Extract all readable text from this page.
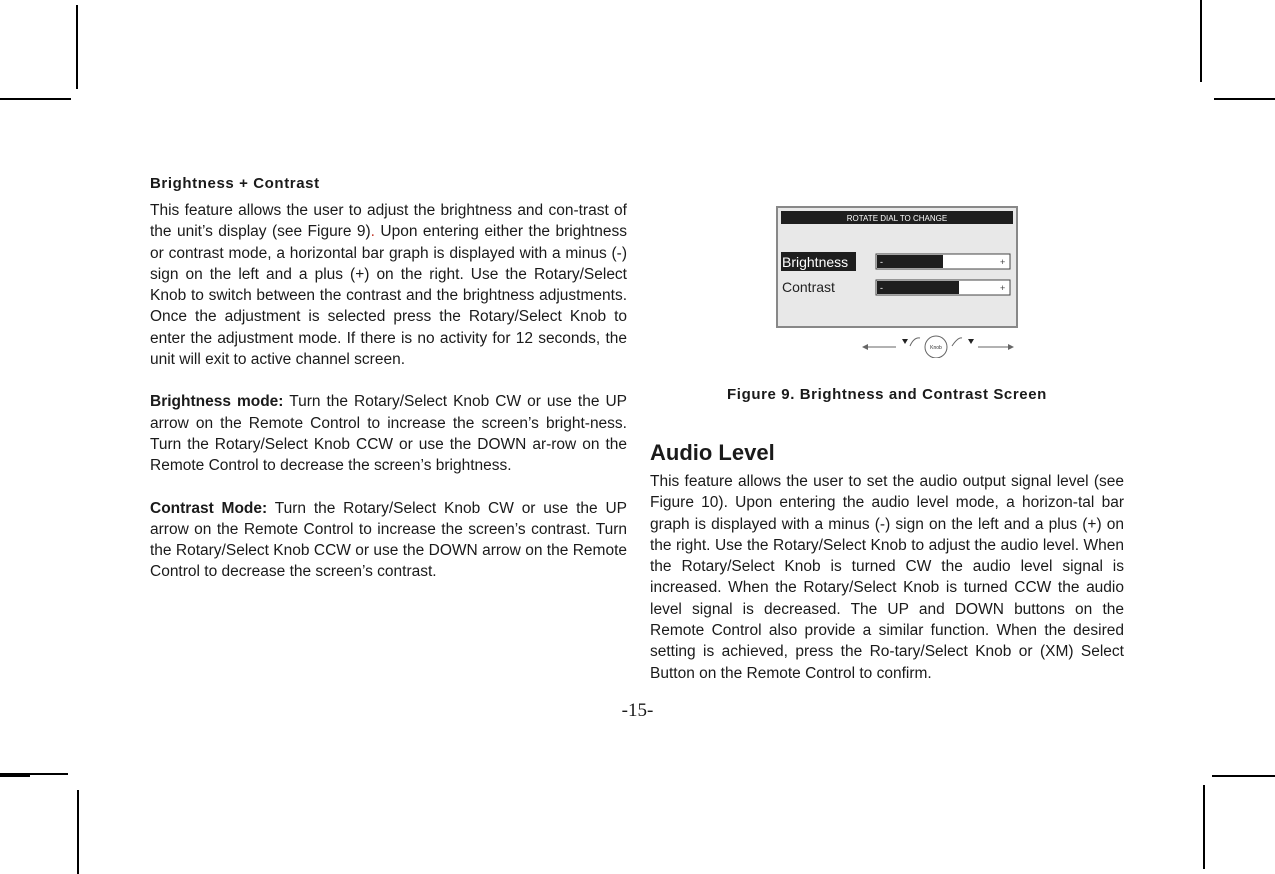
Brightness + Contrast

This feature allows the user to adjust the brightness and con-trast of the unit’s display (see Figure 9). Upon entering either the brightness or contrast mode, a horizontal bar graph is displayed with a minus (-) sign on the left and a plus (+) on the right. Use the Rotary/Select Knob to switch between the contrast and the brightness adjustments. Once the adjustment is selected press the Rotary/Select Knob to enter the adjustment mode. If there is no activity for 12 seconds, the unit will exit to active channel screen.

Brightness mode: Turn the Rotary/Select Knob CW or use the UP arrow on the Remote Control to increase the screen’s bright-ness. Turn the Rotary/Select Knob CCW or use the DOWN ar-row on the Remote Control to decrease the screen’s brightness.

Contrast Mode: Turn the Rotary/Select Knob CW or use the UP arrow on the Remote Control to increase the screen’s contrast. Turn the Rotary/Select Knob CCW or use the DOWN arrow on the Remote Control to decrease the screen’s contrast.

ROTATE DIAL TO CHANGE
Brightness	-	+
Contrast	-	+
Knob
Figure 9. Brightness and Contrast Screen

Audio Level

This feature allows the user to set the audio output signal level (see Figure 10). Upon entering the audio level mode, a horizon-tal bar graph is displayed with a minus (-) sign on the left and a plus (+) on the right. Use the Rotary/Select Knob to adjust the audio level. When the Rotary/Select Knob is turned CW the audio level signal is increased. When the Rotary/Select Knob is turned CCW the audio level signal is decreased. The UP and DOWN buttons on the Remote Control also provide a similar function. When the desired setting is achieved, press the Ro-tary/Select Knob or (XM) Select Button on the Remote Control to confirm.

-15-
